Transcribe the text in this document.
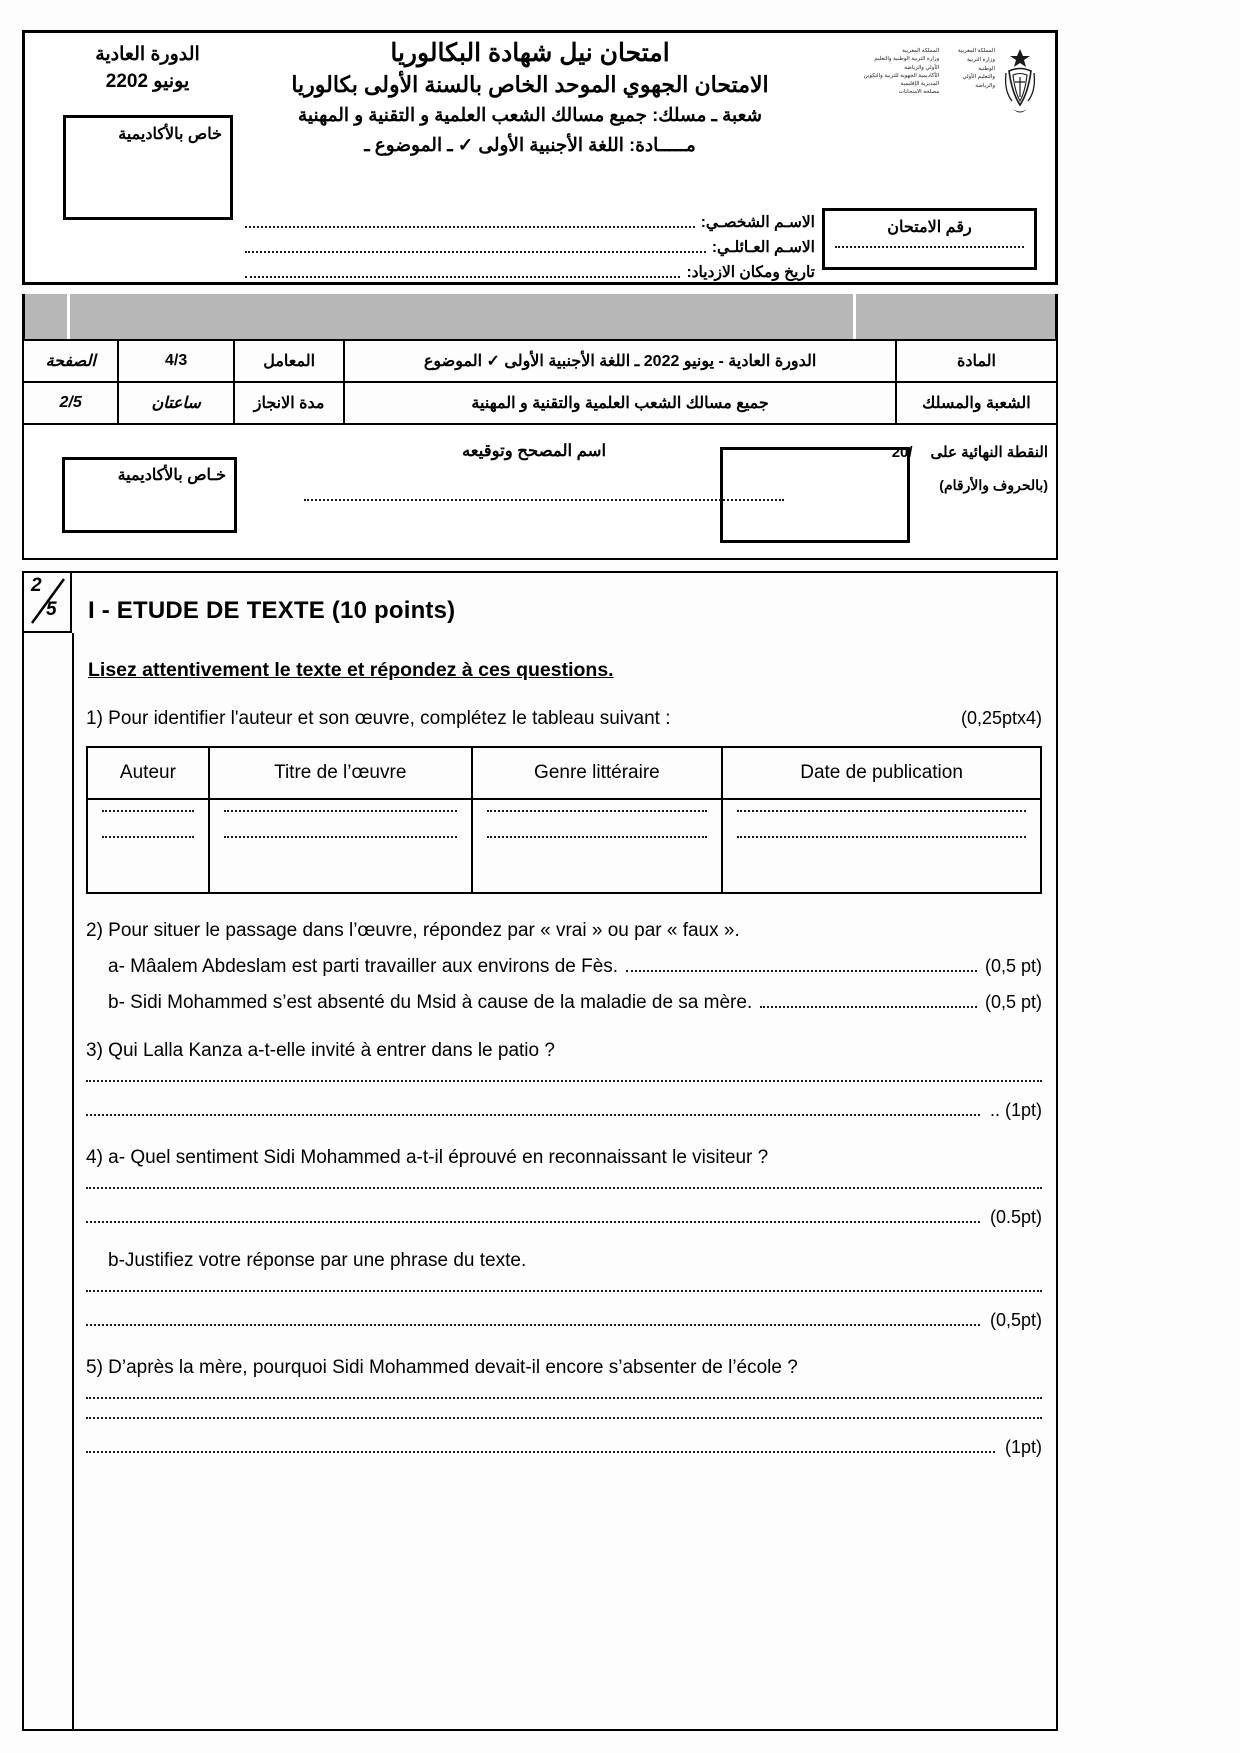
الدورة العادية
يونيو 2022
خاص بالأكاديمية
امتحان نيل شهادة البكالوريا
الامتحان الجهوي الموحد الخاص بالسنة الأولى بكالوريا
شعبة ـ مسلك: جميع مسالك الشعب العلمية و التقنية و المهنية
مـــــادة: اللغة الأجنبية الأولى ✓ ـ الموضوع ـ
المملكة المغربية
وزارة التربية الوطنية والتعليم
الأولي والرياضة
الأكاديمية الجهوية للتربية والتكوين
المديرية الإقليمية
مصلحة الامتحانات
المملكة المغربية
وزارة التربية
الوطنية
والتعليم الأولي
والرياضة
الاسـم الشخصـي:
الاسـم العـائلـي:
تاريخ ومكان الازدياد:
رقم الامتحان
المادة	الدورة العادية - يونيو 2022 ـ اللغة الأجنبية الأولى ✓ الموضوع	المعامل	4/3	الصفحة
الشعبة والمسلك	جميع مسالك الشعب العلمية والتقنية و المهنية	مدة الانجاز	ساعتان	2/5
النقطة النهائية على
/20
(بالحروف والأرقام)
اسم المصحح وتوقيعه
خـاص بالأكاديمية
2
5 I - ETUDE DE TEXTE (10 points)
Lisez attentivement le texte et répondez à ces questions.
1) Pour identifier l'auteur et son œuvre, complétez le tableau suivant :	(0,25ptx4)
Auteur	Titre de l’œuvre	Genre littéraire	Date de publication

2) Pour situer le passage dans l’œuvre, répondez par « vrai » ou par « faux ».
a- Mâalem Abdeslam est parti travailler aux environs de Fès.	(0,5 pt)
b- Sidi Mohammed s’est absenté du Msid à cause de la maladie de sa mère.	(0,5 pt)
3) Qui Lalla Kanza a-t-elle invité à entrer dans le patio ?
.. (1pt)
4) a- Quel sentiment Sidi Mohammed a-t-il éprouvé en reconnaissant le visiteur ?
(0.5pt)
b-Justifiez votre réponse par une phrase du texte.
(0,5pt)
5) D’après la mère, pourquoi Sidi Mohammed devait-il encore s’absenter de l’école ?
(1pt)
